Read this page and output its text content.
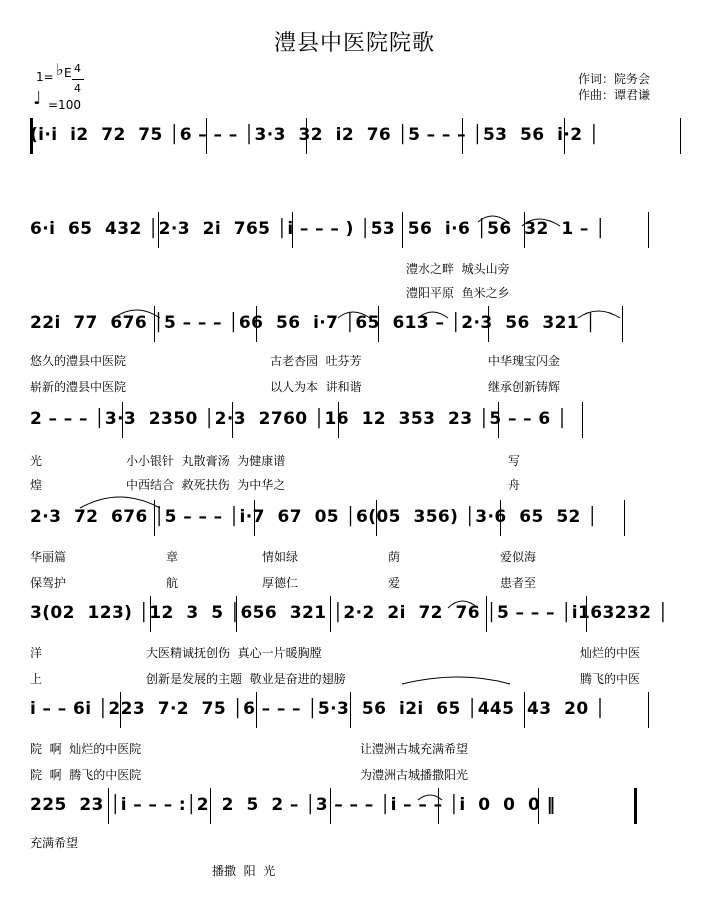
澧县中医院院歌
作词：院务会
作曲：谭君谦
1= ♭ E 4
4
♩ =100
(i·i  i2  72  75 │6 – – – │3·3  32  i2  76 │5 – – – │53  56  i·2 │
6·i  65  432 │2·3  2i  765 │i – – – ) │53  56  i·6 │56  32  1 – │
澧水之畔  城头山旁
澧阳平原  鱼米之乡
22i  77  676 │5 – – – │66  56  i·7 │65  613 – │2·3  56  321 │
悠久的澧县中医院	古老杏园  吐芬芳	中华瑰宝闪金
崭新的澧县中医院	以人为本  讲和谐	继承创新铸辉
2 – – – │3·3  2350 │2·3  2760 │16  12  353  23 │5 – – 6 │
光	小小银针  丸散膏汤  为健康谱	写
煌	中西结合  救死扶伤  为中华之	舟
2·3  72  676 │5 – – – │i·7  67  05 │6(05  356) │3·6  65  52 │
华丽篇	章	情如绿	荫	爱似海
保驾护	航	厚德仁	爱	患者至
3(02  123) │12  3  5 │656  321 │2·2  2i  72  76 │5 – – – │i163232 │
洋	大医精诚抚创伤  真心一片暖胸膛	灿烂的中医
上	创新是发展的主题  敬业是奋进的翅膀	腾飞的中医
i – – 6i │223  7·2  75 │6 – – – │5·3  56  i2i  65 │445  43  20 │
院  啊  灿烂的中医院	让澧洲古城充满希望
院  啊  腾飞的中医院	为澧洲古城播撒阳光
225  23 │i – – – :│2  2  5  2 – │3 – – – │i – – – │i  0  0  0 ‖
充满希望
播撒  阳  光
